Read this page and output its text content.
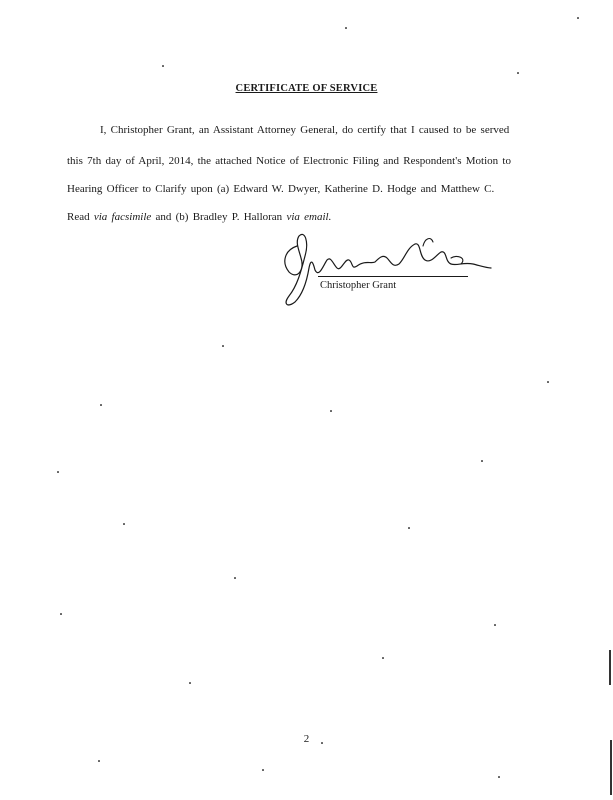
CERTIFICATE OF SERVICE
I, Christopher Grant, an Assistant Attorney General, do certify that I caused to be served
this 7th day of April, 2014, the attached Notice of Electronic Filing and Respondent's Motion to
Hearing Officer to Clarify upon (a) Edward W. Dwyer, Katherine D. Hodge and Matthew C.
Read via facsimile and (b) Bradley P. Halloran via email.
Christopher Grant
2
